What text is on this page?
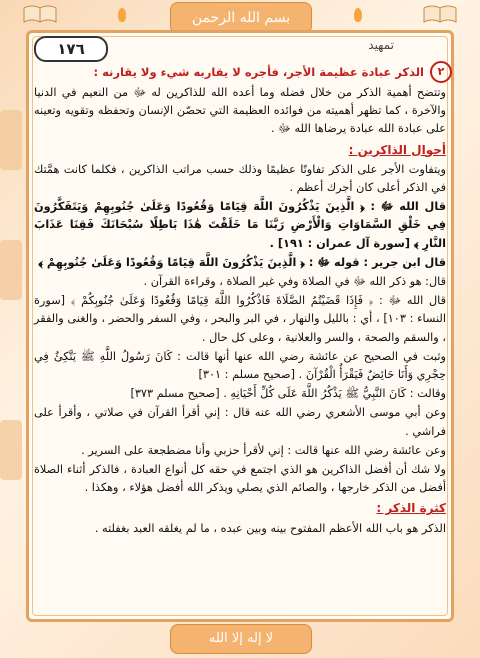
بسم الله الرحمن
١٧٦	تمهيد
٢
الذكر عبادة عظيمة الأجر، فأجره لا يقاربه شيء ولا يقارنه :

وتتضح أهمية الذكر من خلال فضله وما أعده الله للذاكرين له ﷻ من النعيم في الدنيا والآخرة ، كما تظهر أهميته من فوائده العظيمة التي تحصّن الإنسان وتحفظه وتقويه وتعينه على عبادة الله عبادة يرضاها الله ﷻ .

أحوال الذاكرين :

ويتفاوت الأجر على الذكر تفاوتًا عظيمًا وذلك حسب مراتب الذاكرين ، فكلما كانت همَّتك في الذكر أعلى كان أجرك أعظم .

قال الله ﷻ : ﴿ الَّذِينَ يَذْكُرُونَ اللَّهَ قِيَامًا وَقُعُودًا وَعَلَىٰ جُنُوبِهِمْ وَيَتَفَكَّرُونَ فِي خَلْقِ السَّمَاوَاتِ وَالْأَرْضِ رَبَّنَا مَا خَلَقْتَ هَٰذَا بَاطِلًا سُبْحَانَكَ فَقِنَا عَذَابَ النَّارِ ﴾ [سورة آل عمران : ١٩١] .

قال ابن جرير : قوله ﷻ : ﴿ الَّذِينَ يَذْكُرُونَ اللَّهَ قِيَامًا وَقُعُودًا وَعَلَىٰ جُنُوبِهِمْ ﴾

قال: هو ذكر الله ﷻ في الصلاة وفي غير الصلاة ، وقراءة القرآن .

قال الله ﷻ : ﴿ فَإِذَا قَضَيْتُمُ الصَّلَاةَ فَاذْكُرُوا اللَّهَ قِيَامًا وَقُعُودًا وَعَلَىٰ جُنُوبِكُمْ ﴾ [سورة النساء : ١٠٣] ، أي : بالليل والنهار ، في البر والبحر ، وفي السفر والحضر ، والغنى والفقر ، والسقم والصحة ، والسر والعلانية ، وعلى كل حال .

وثبت في الصحيح عن عائشة رضي الله عنها أنها قالت : كَانَ رَسُولُ اللَّهِ ﷺ يَتَّكِئُ فِي حِجْرِي وَأَنَا حَائِضٌ فَيَقْرَأُ الْقُرْآنَ . [صحيح مسلم : ٣٠١]

وقالت : كَانَ النَّبِيُّ ﷺ يَذْكُرُ اللَّهَ عَلَى كُلِّ أَحْيَانِهِ . [صحيح مسلم ٣٧٣]

وعن أبي موسى الأشعري رضي الله عنه قال : إني أقرأ القرآن في صلاتي ، وأقرأ على فراشي .

وعن عائشة رضي الله عنها قالت : إني لأقرأ حزبي وأنا مضطجعة على السرير .

ولا شك أن أفضل الذاكرين هو الذي اجتمع في حقه كل أنواع العبادة ، فالذكر أثناء الصلاة أفضل من الذكر خارجها ، والصائم الذي يصلي ويذكر الله أفضل هؤلاء ، وهكذا .

كثرة الذكر :

الذكر هو باب الله الأعظم المفتوح بينه وبين عبده ، ما لم يغلقه العبد بغفلته .

لا إله إلا الله
